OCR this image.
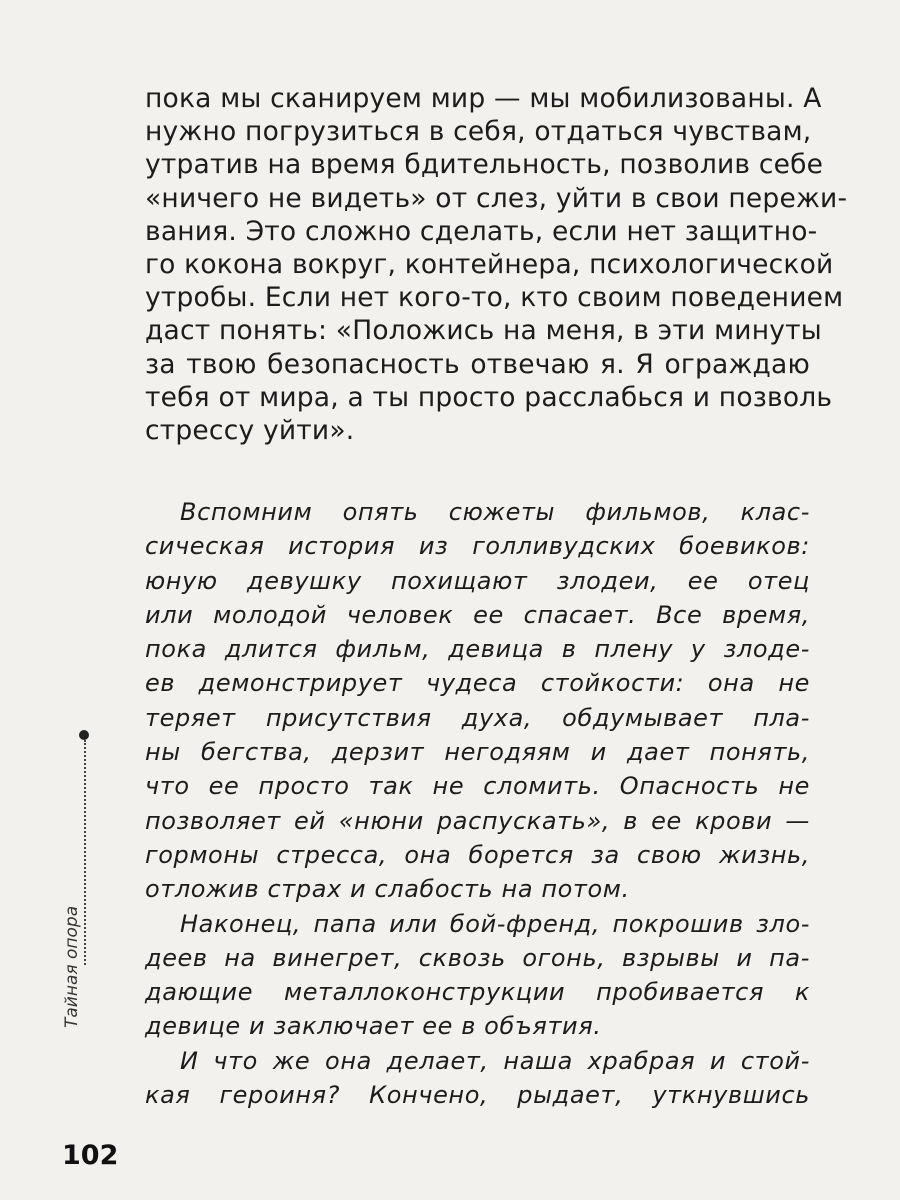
пока мы сканируем мир — мы мобилизованы. А
нужно погрузиться в себя, отдаться чувствам,
утратив на время бдительность, позволив себе
«ничего не видеть» от слез, уйти в свои пережи-
вания. Это сложно сделать, если нет защитно-
го кокона вокруг, контейнера, психологической
утробы. Если нет кого-то, кто своим поведением
даст понять: «Положись на меня, в эти минуты
за твою безопасность отвечаю я. Я ограждаю
тебя от мира, а ты просто расслабься и позволь
стрессу уйти».
Вспомним опять сюжеты фильмов, клас-
сическая история из голливудских боевиков:
юную девушку похищают злодеи, ее отец
или молодой человек ее спасает. Все время,
пока длится фильм, девица в плену у злоде-
ев демонстрирует чудеса стойкости: она не
теряет присутствия духа, обдумывает пла-
ны бегства, дерзит негодяям и дает понять,
что ее просто так не сломить. Опасность не
позволяет ей «нюни распускать», в ее крови —
гормоны стресса, она борется за свою жизнь,
отложив страх и слабость на потом.
Наконец, папа или бой-френд, покрошив зло-
деев на винегрет, сквозь огонь, взрывы и па-
дающие металлоконструкции пробивается к
девице и заключает ее в объятия.
И что же она делает, наша храбрая и стой-
кая героиня? Кончено, рыдает, уткнувшись
Тайная опора
102
